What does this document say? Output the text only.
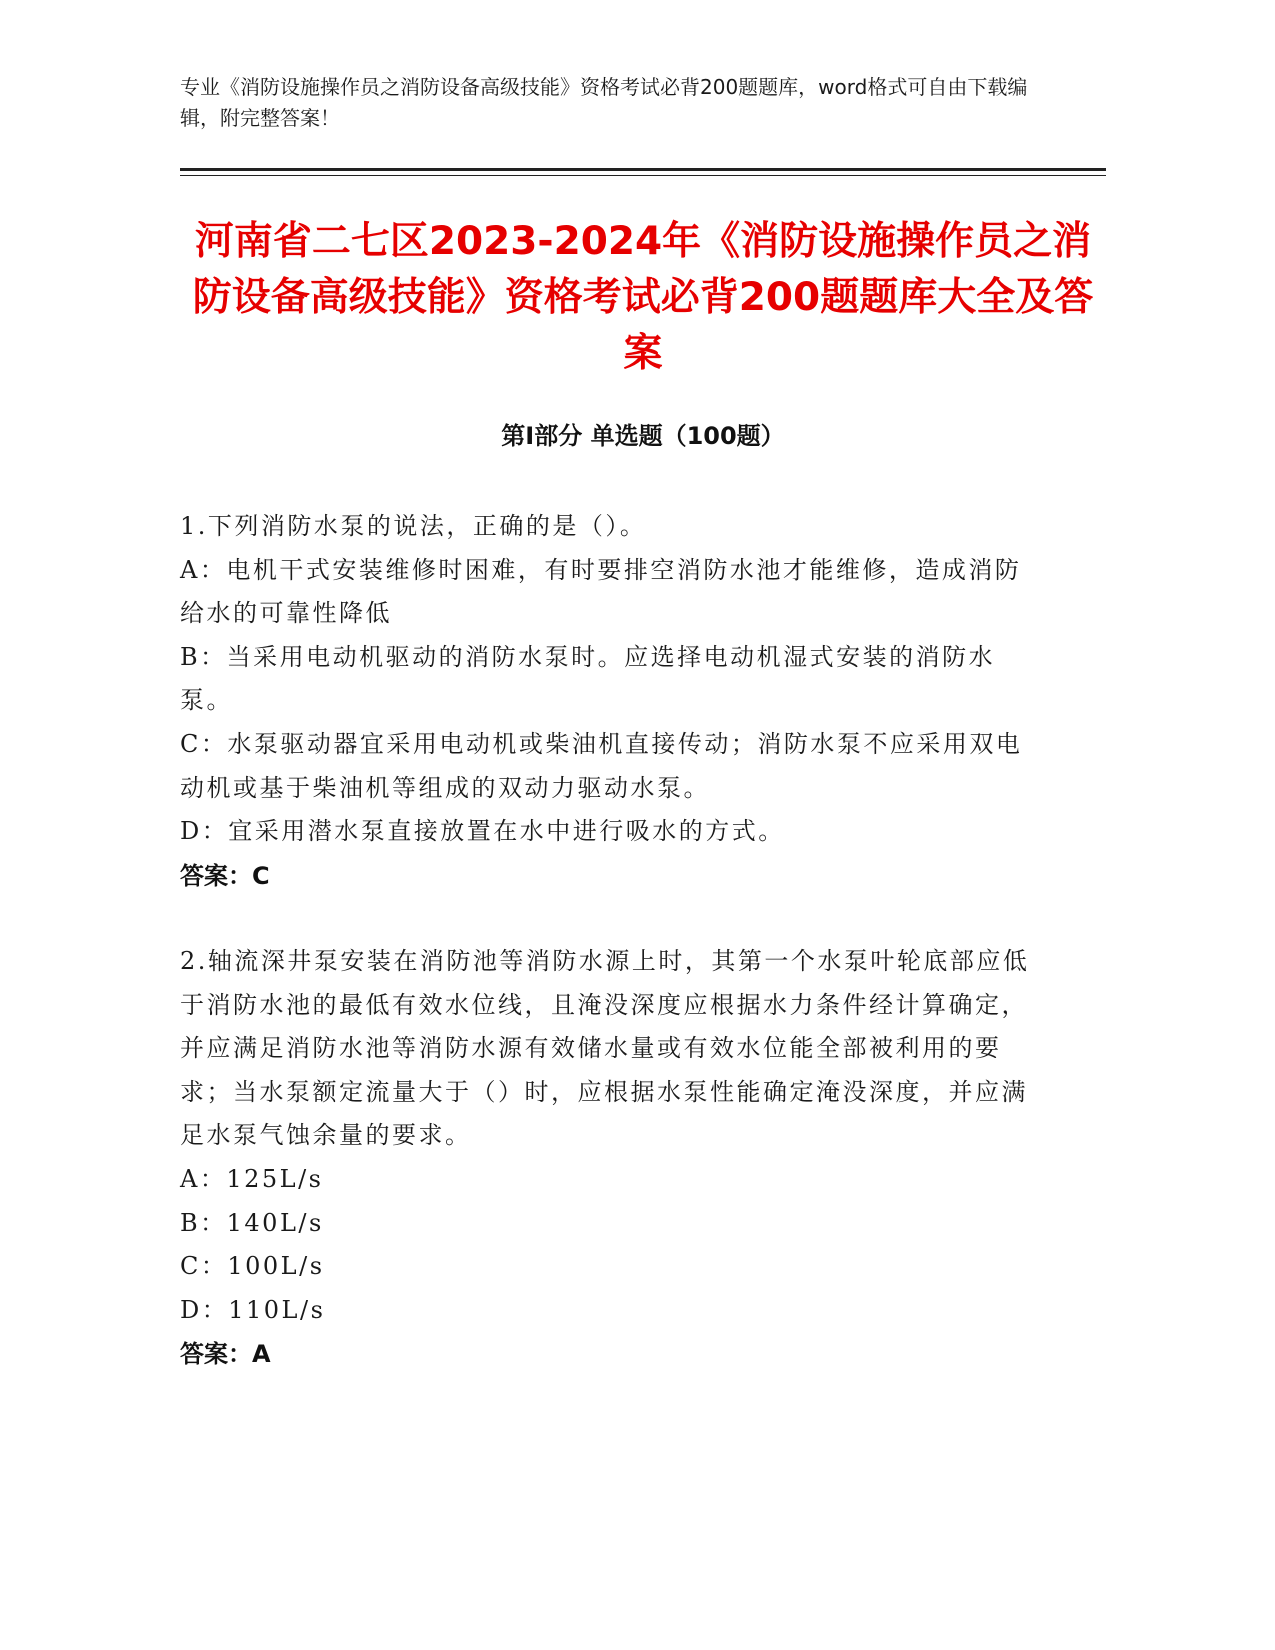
专业《消防设施操作员之消防设备高级技能》资格考试必背200题题库，word格式可自由下载编辑，附完整答案！
河南省二七区2023-2024年《消防设施操作员之消防设备高级技能》资格考试必背200题题库大全及答案
第I部分 单选题（100题）
1.下列消防水泵的说法，正确的是（）。
A：电机干式安装维修时困难，有时要排空消防水池才能维修，造成消防给水的可靠性降低
B：当采用电动机驱动的消防水泵时。应选择电动机湿式安装的消防水泵。
C：水泵驱动器宜采用电动机或柴油机直接传动；消防水泵不应采用双电动机或基于柴油机等组成的双动力驱动水泵。
D：宜采用潜水泵直接放置在水中进行吸水的方式。
答案：C
2.轴流深井泵安装在消防池等消防水源上时，其第一个水泵叶轮底部应低于消防水池的最低有效水位线，且淹没深度应根据水力条件经计算确定，并应满足消防水池等消防水源有效储水量或有效水位能全部被利用的要求；当水泵额定流量大于（）时，应根据水泵性能确定淹没深度，并应满足水泵气蚀余量的要求。
A：125L/s
B：140L/s
C：100L/s
D：110L/s
答案：A
